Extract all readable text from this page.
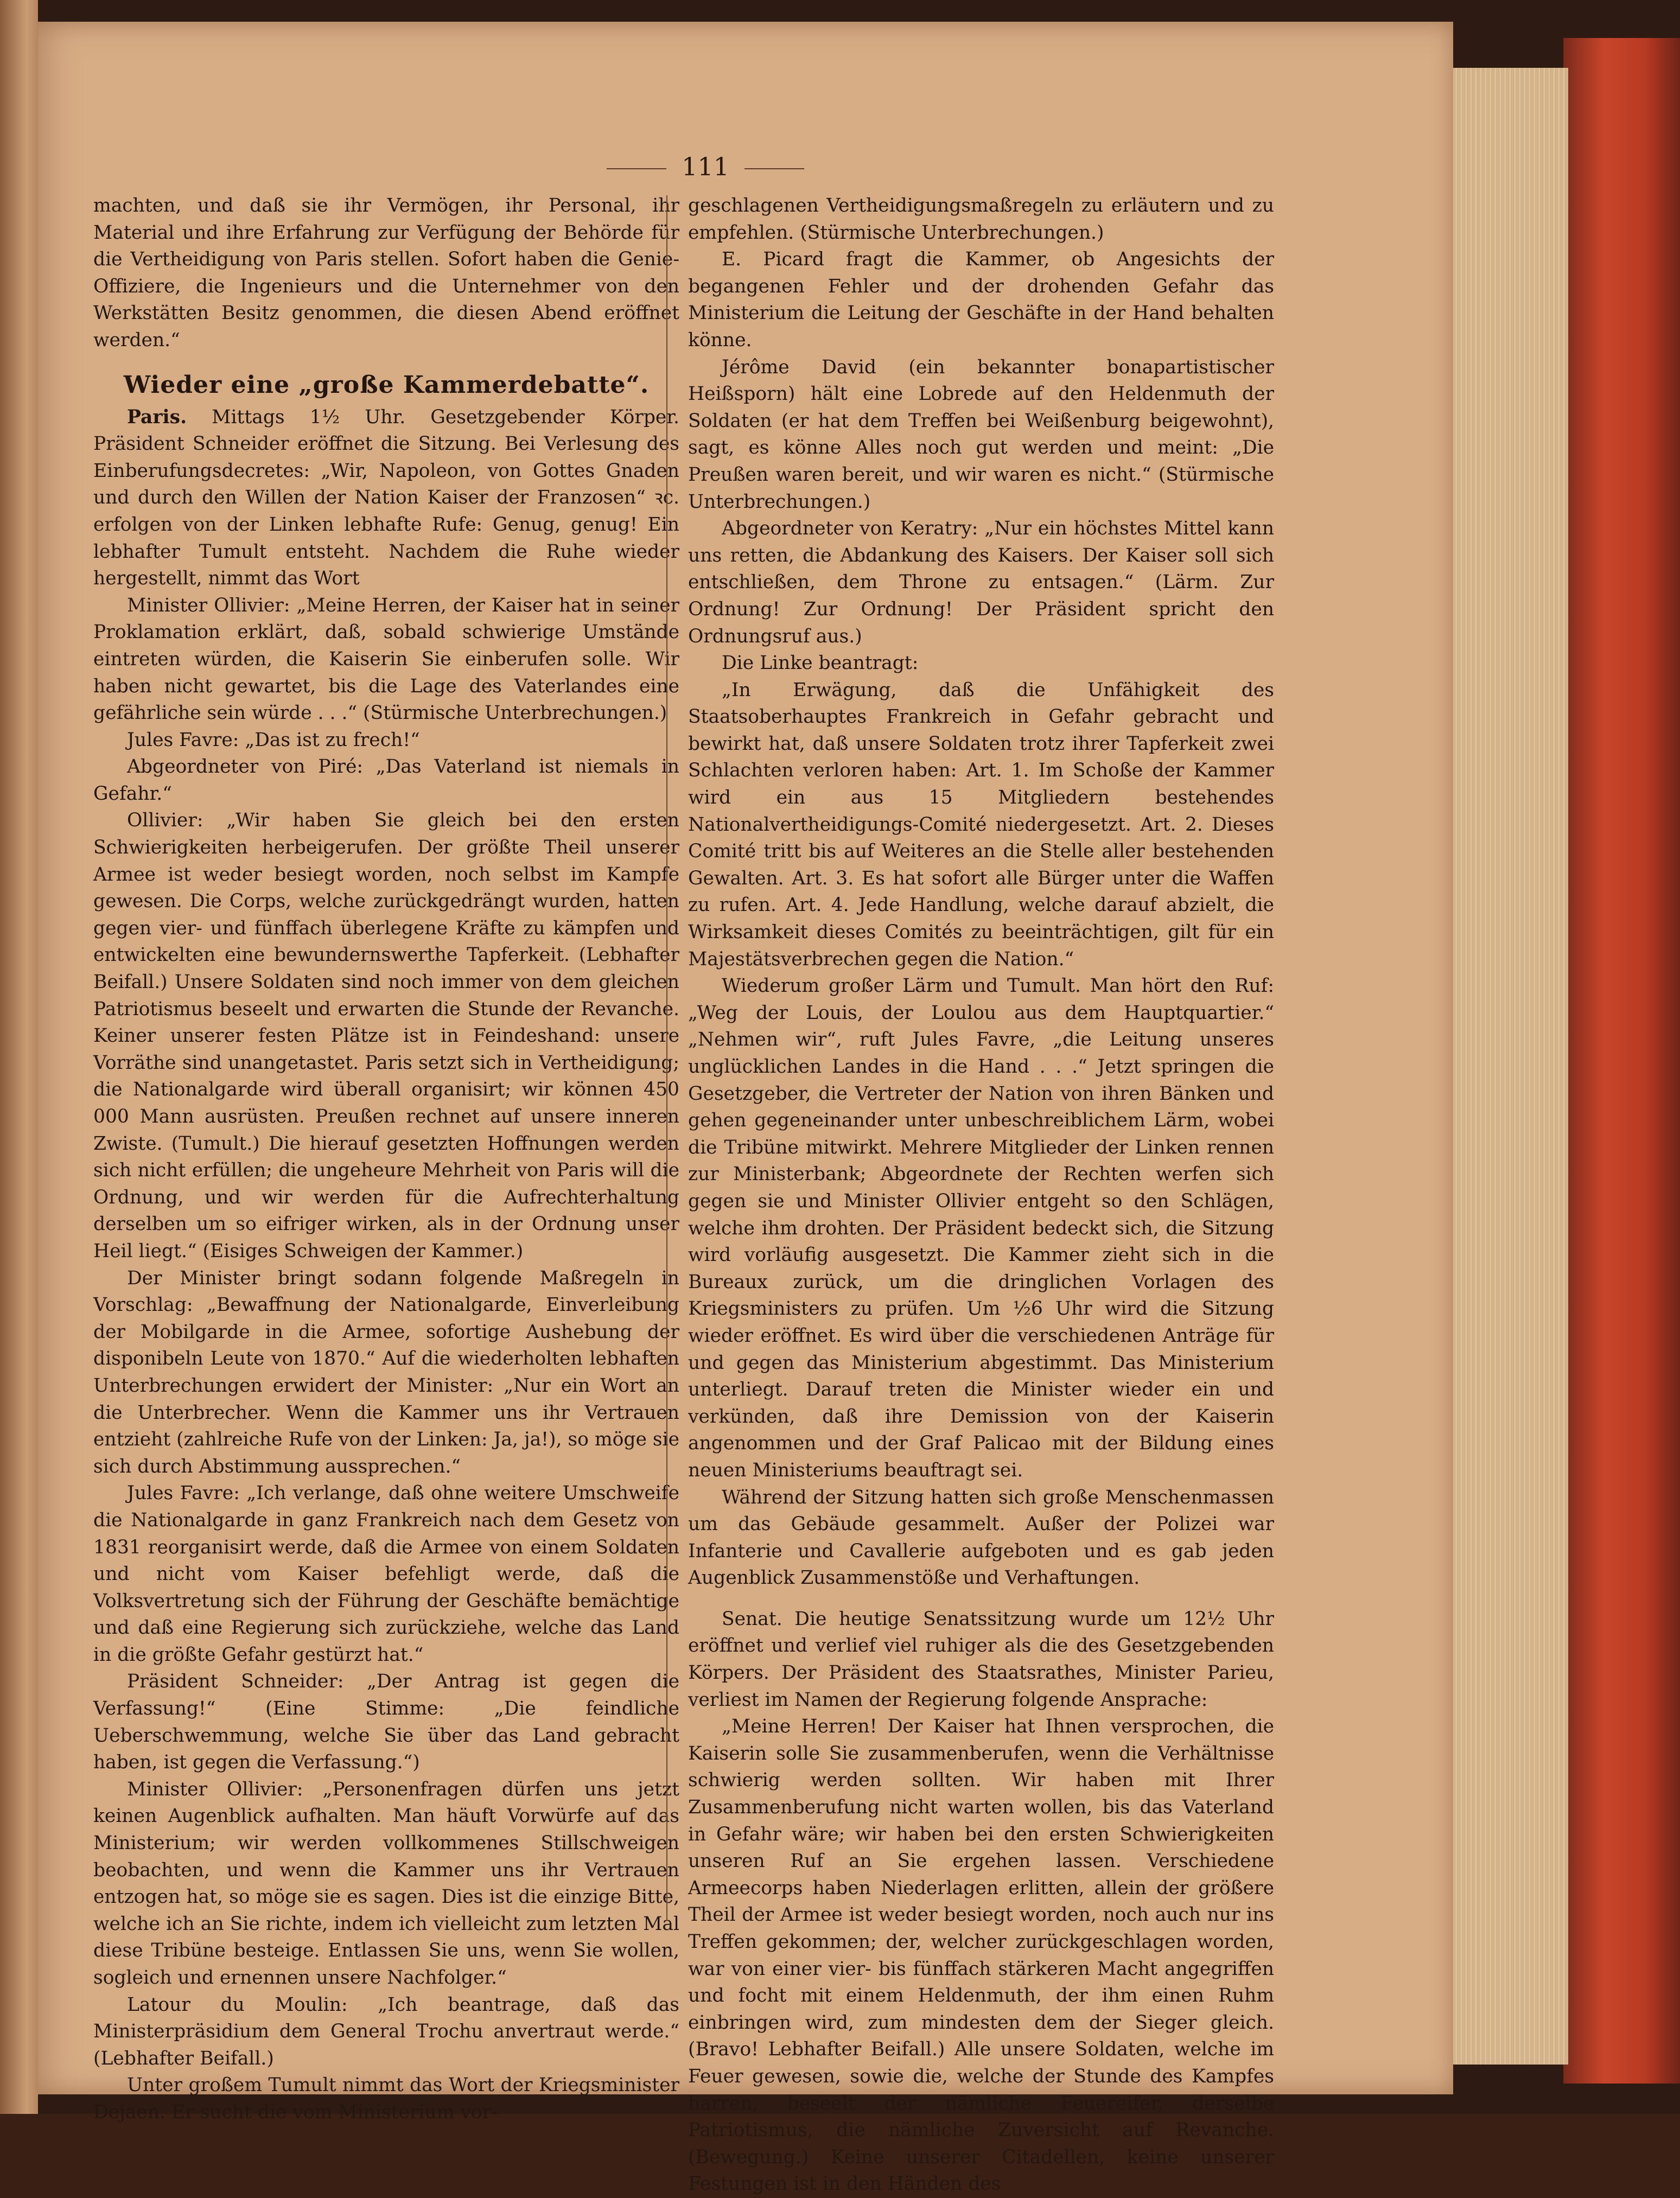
111

machten, und daß sie ihr Vermögen, ihr Personal, ihr Material und ihre Erfahrung zur Verfügung der Behörde für die Vertheidigung von Paris stellen. Sofort haben die Genie-Offiziere, die Ingenieurs und die Unternehmer von den Werkstätten Besitz genommen, die diesen Abend eröffnet werden.“

Wieder eine „große Kammerdebatte“.

Paris. Mittags 1½ Uhr. Gesetzgebender Körper. Präsident Schneider eröffnet die Sitzung. Bei Verlesung des Einberufungsdecretes: „Wir, Napoleon, von Gottes Gnaden und durch den Willen der Nation Kaiser der Franzosen“ ꝛc. erfolgen von der Linken lebhafte Rufe: Genug, genug! Ein lebhafter Tumult entsteht. Nachdem die Ruhe wieder hergestellt, nimmt das Wort

Minister Ollivier: „Meine Herren, der Kaiser hat in seiner Proklamation erklärt, daß, sobald schwierige Umstände eintreten würden, die Kaiserin Sie einberufen solle. Wir haben nicht gewartet, bis die Lage des Vaterlandes eine gefährliche sein würde . . .“ (Stürmische Unterbrechungen.)

Jules Favre: „Das ist zu frech!“

Abgeordneter von Piré: „Das Vaterland ist niemals in Gefahr.“

Ollivier: „Wir haben Sie gleich bei den ersten Schwierigkeiten herbeigerufen. Der größte Theil unserer Armee ist weder besiegt worden, noch selbst im Kampfe gewesen. Die Corps, welche zurückgedrängt wurden, hatten gegen vier- und fünffach überlegene Kräfte zu kämpfen und entwickelten eine bewundernswerthe Tapferkeit. (Lebhafter Beifall.) Unsere Soldaten sind noch immer von dem gleichen Patriotismus beseelt und erwarten die Stunde der Revanche. Keiner unserer festen Plätze ist in Feindeshand: unsere Vorräthe sind unangetastet. Paris setzt sich in Vertheidigung; die Nationalgarde wird überall organisirt; wir können 450 000 Mann ausrüsten. Preußen rechnet auf unsere inneren Zwiste. (Tumult.) Die hierauf gesetzten Hoffnungen werden sich nicht erfüllen; die ungeheure Mehrheit von Paris will die Ordnung, und wir werden für die Aufrechterhaltung derselben um so eifriger wirken, als in der Ordnung unser Heil liegt.“ (Eisiges Schweigen der Kammer.)

Der Minister bringt sodann folgende Maßregeln in Vorschlag: „Bewaffnung der Nationalgarde, Einverleibung der Mobilgarde in die Armee, sofortige Aushebung der disponibeln Leute von 1870.“ Auf die wiederholten lebhaften Unterbrechungen erwidert der Minister: „Nur ein Wort an die Unterbrecher. Wenn die Kammer uns ihr Vertrauen entzieht (zahlreiche Rufe von der Linken: Ja, ja!), so möge sie sich durch Abstimmung aussprechen.“

Jules Favre: „Ich verlange, daß ohne weitere Umschweife die Nationalgarde in ganz Frankreich nach dem Gesetz von 1831 reorganisirt werde, daß die Armee von einem Soldaten und nicht vom Kaiser befehligt werde, daß die Volksvertretung sich der Führung der Geschäfte bemächtige und daß eine Regierung sich zurückziehe, welche das Land in die größte Gefahr gestürzt hat.“

Präsident Schneider: „Der Antrag ist gegen die Verfassung!“ (Eine Stimme: „Die feindliche Ueberschwemmung, welche Sie über das Land gebracht haben, ist gegen die Verfassung.“)

Minister Ollivier: „Personenfragen dürfen uns jetzt keinen Augenblick aufhalten. Man häuft Vorwürfe auf das Ministerium; wir werden vollkommenes Stillschweigen beobachten, und wenn die Kammer uns ihr Vertrauen entzogen hat, so möge sie es sagen. Dies ist die einzige Bitte, welche ich an Sie richte, indem ich vielleicht zum letzten Mal diese Tribüne besteige. Entlassen Sie uns, wenn Sie wollen, sogleich und ernennen unsere Nachfolger.“

Latour du Moulin: „Ich beantrage, daß das Ministerpräsidium dem General Trochu anvertraut werde.“ (Lebhafter Beifall.)

Unter großem Tumult nimmt das Wort der Kriegsminister Dejaen. Er sucht die vom Ministerium vor-

geschlagenen Vertheidigungsmaßregeln zu erläutern und zu empfehlen. (Stürmische Unterbrechungen.)

E. Picard fragt die Kammer, ob Angesichts der begangenen Fehler und der drohenden Gefahr das Ministerium die Leitung der Geschäfte in der Hand behalten könne.

Jérôme David (ein bekannter bonapartistischer Heißsporn) hält eine Lobrede auf den Heldenmuth der Soldaten (er hat dem Treffen bei Weißenburg beigewohnt), sagt, es könne Alles noch gut werden und meint: „Die Preußen waren bereit, und wir waren es nicht.“ (Stürmische Unterbrechungen.)

Abgeordneter von Keratry: „Nur ein höchstes Mittel kann uns retten, die Abdankung des Kaisers. Der Kaiser soll sich entschließen, dem Throne zu entsagen.“ (Lärm. Zur Ordnung! Zur Ordnung! Der Präsident spricht den Ordnungsruf aus.)

Die Linke beantragt:

„In Erwägung, daß die Unfähigkeit des Staatsoberhauptes Frankreich in Gefahr gebracht und bewirkt hat, daß unsere Soldaten trotz ihrer Tapferkeit zwei Schlachten verloren haben: Art. 1. Im Schoße der Kammer wird ein aus 15 Mitgliedern bestehendes Nationalvertheidigungs-Comité niedergesetzt. Art. 2. Dieses Comité tritt bis auf Weiteres an die Stelle aller bestehenden Gewalten. Art. 3. Es hat sofort alle Bürger unter die Waffen zu rufen. Art. 4. Jede Handlung, welche darauf abzielt, die Wirksamkeit dieses Comités zu beeinträchtigen, gilt für ein Majestätsverbrechen gegen die Nation.“

Wiederum großer Lärm und Tumult. Man hört den Ruf: „Weg der Louis, der Loulou aus dem Hauptquartier.“ „Nehmen wir“, ruft Jules Favre, „die Leitung unseres unglücklichen Landes in die Hand . . .“ Jetzt springen die Gesetzgeber, die Vertreter der Nation von ihren Bänken und gehen gegeneinander unter unbeschreiblichem Lärm, wobei die Tribüne mitwirkt. Mehrere Mitglieder der Linken rennen zur Ministerbank; Abgeordnete der Rechten werfen sich gegen sie und Minister Ollivier entgeht so den Schlägen, welche ihm drohten. Der Präsident bedeckt sich, die Sitzung wird vorläufig ausgesetzt. Die Kammer zieht sich in die Bureaux zurück, um die dringlichen Vorlagen des Kriegsministers zu prüfen. Um ½6 Uhr wird die Sitzung wieder eröffnet. Es wird über die verschiedenen Anträge für und gegen das Ministerium abgestimmt. Das Ministerium unterliegt. Darauf treten die Minister wieder ein und verkünden, daß ihre Demission von der Kaiserin angenommen und der Graf Palicao mit der Bildung eines neuen Ministeriums beauftragt sei.

Während der Sitzung hatten sich große Menschenmassen um das Gebäude gesammelt. Außer der Polizei war Infanterie und Cavallerie aufgeboten und es gab jeden Augenblick Zusammenstöße und Verhaftungen.

Senat. Die heutige Senatssitzung wurde um 12½ Uhr eröffnet und verlief viel ruhiger als die des Gesetzgebenden Körpers. Der Präsident des Staatsrathes, Minister Parieu, verliest im Namen der Regierung folgende Ansprache:

„Meine Herren! Der Kaiser hat Ihnen versprochen, die Kaiserin solle Sie zusammenberufen, wenn die Verhältnisse schwierig werden sollten. Wir haben mit Ihrer Zusammenberufung nicht warten wollen, bis das Vaterland in Gefahr wäre; wir haben bei den ersten Schwierigkeiten unseren Ruf an Sie ergehen lassen. Verschiedene Armeecorps haben Niederlagen erlitten, allein der größere Theil der Armee ist weder besiegt worden, noch auch nur ins Treffen gekommen; der, welcher zurückgeschlagen worden, war von einer vier- bis fünffach stärkeren Macht angegriffen und focht mit einem Heldenmuth, der ihm einen Ruhm einbringen wird, zum mindesten dem der Sieger gleich. (Bravo! Lebhafter Beifall.) Alle unsere Soldaten, welche im Feuer gewesen, sowie die, welche der Stunde des Kampfes harren, beseelt der nämliche Feuereifer, derselbe Patriotismus, die nämliche Zuversicht auf Revanche. (Bewegung.) Keine unserer Citadellen, keine unserer Festungen ist in den Händen des
